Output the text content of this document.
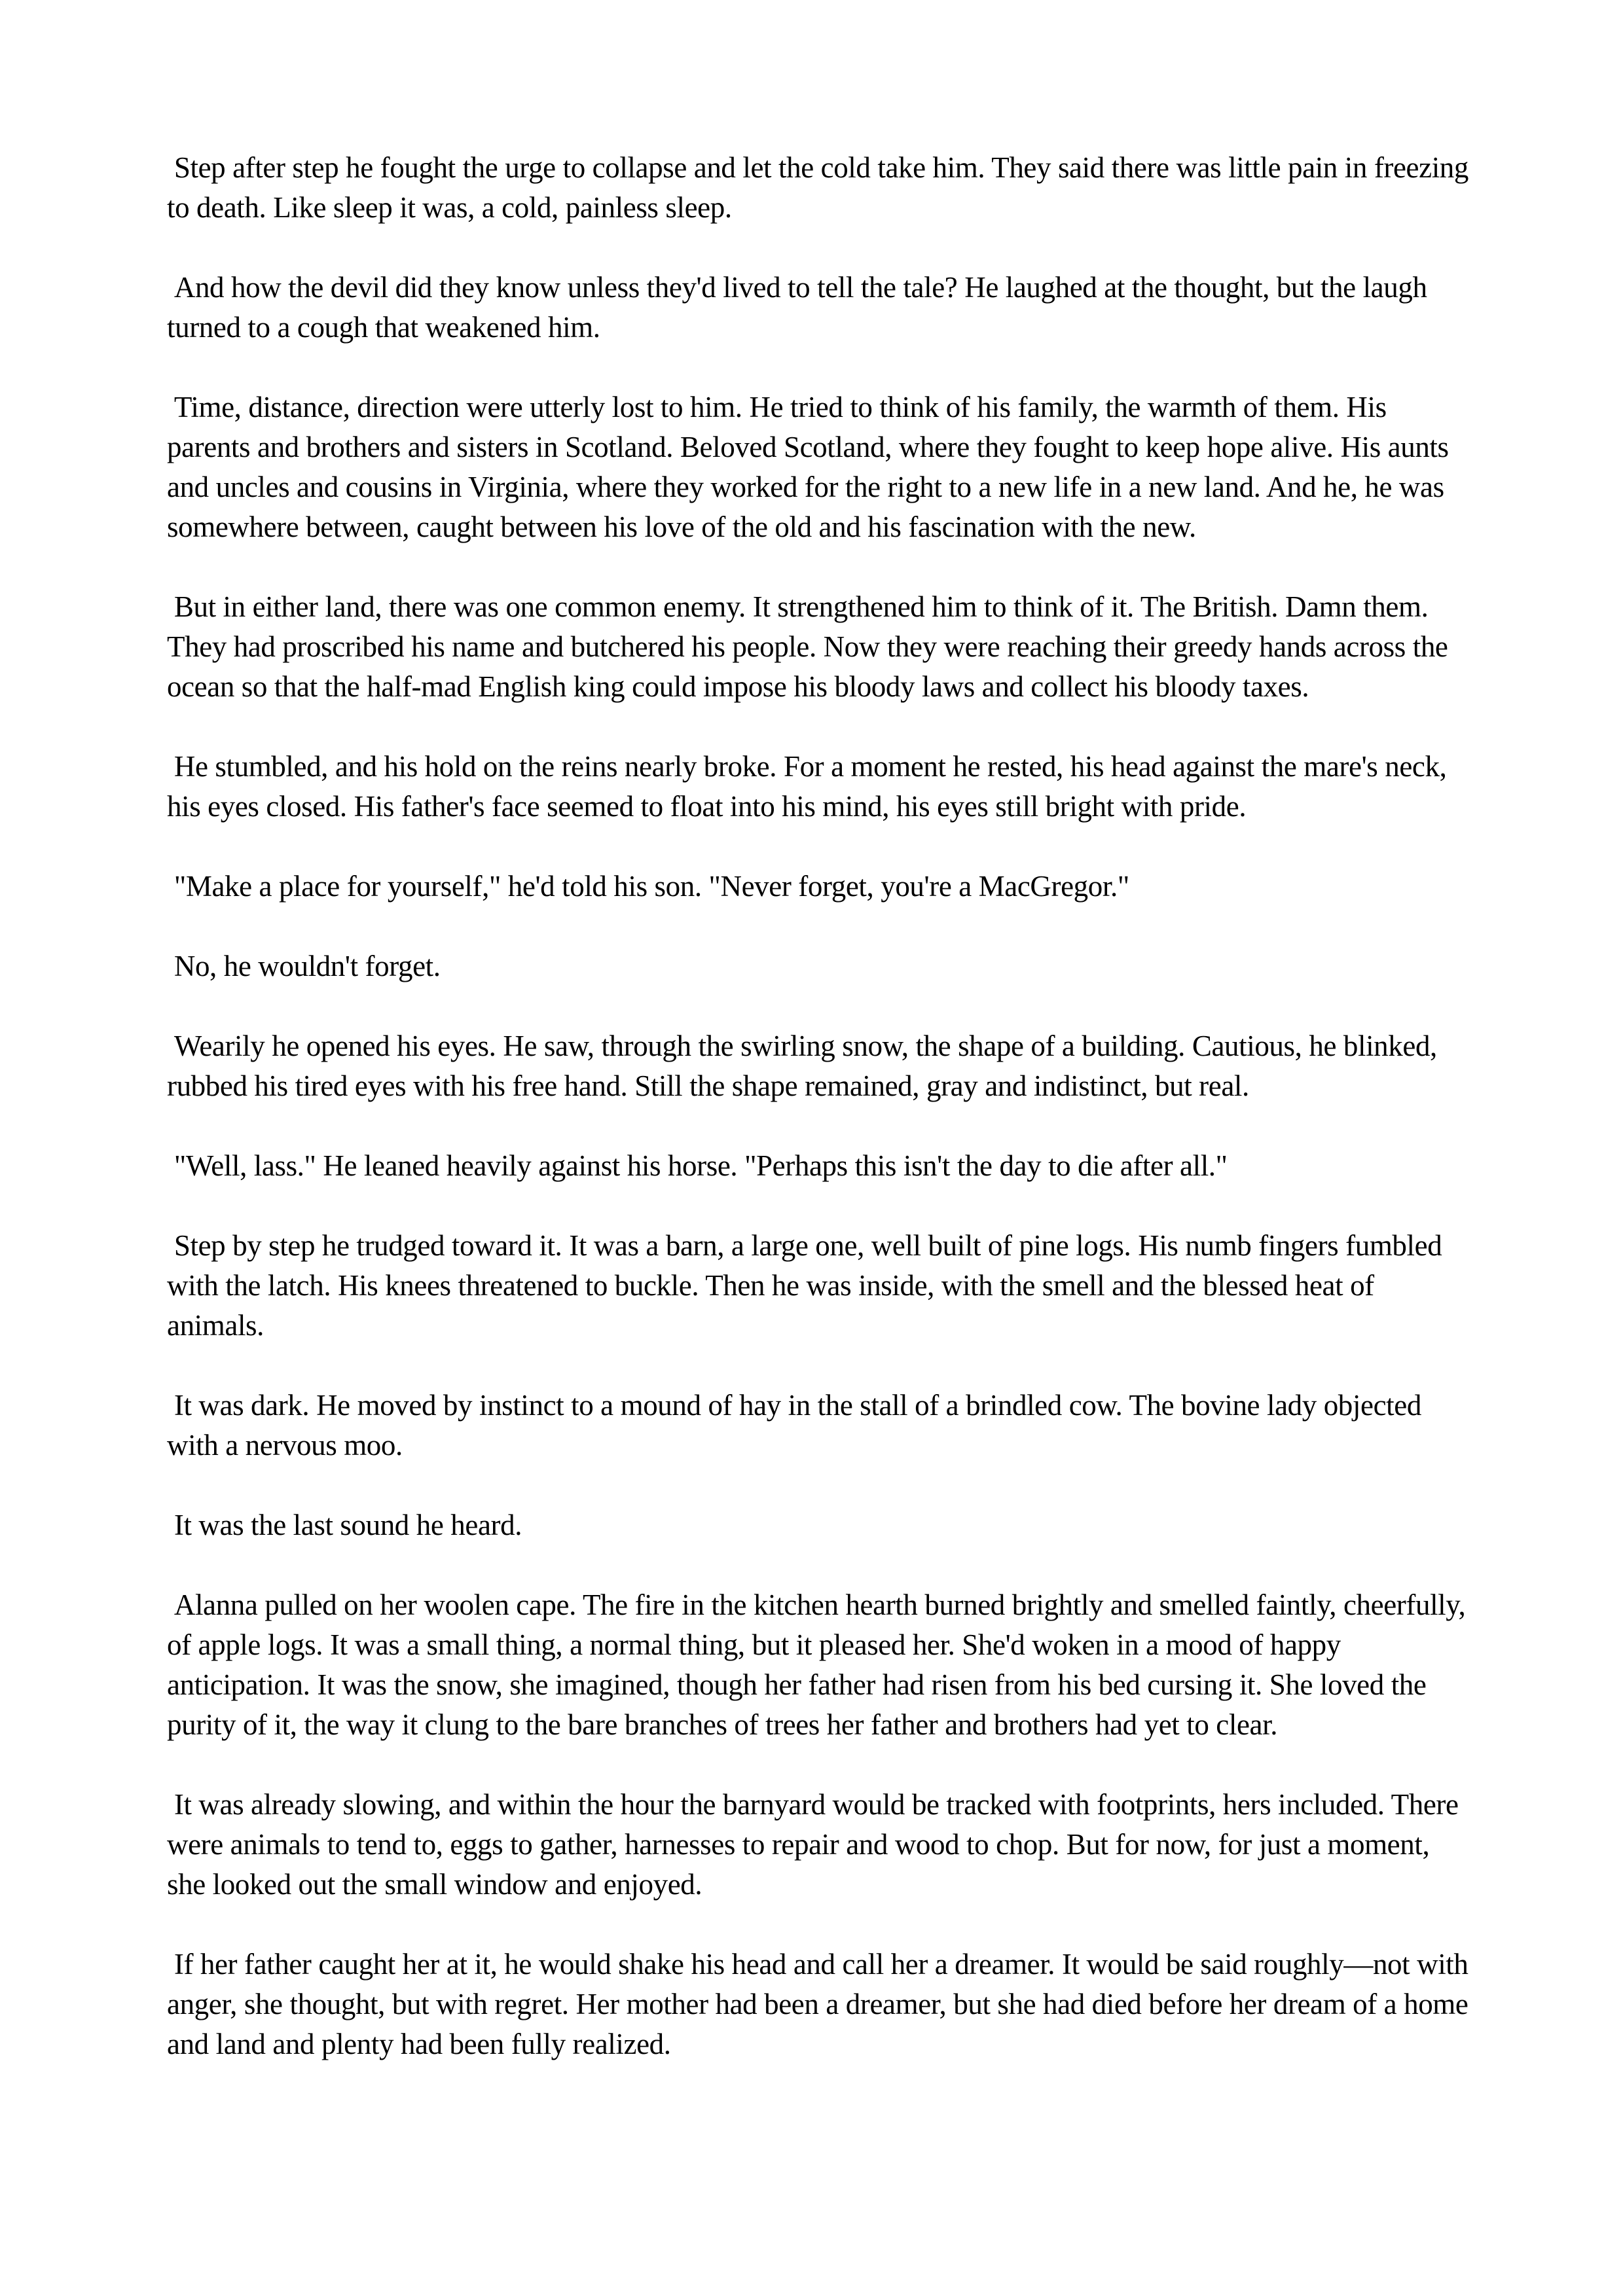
Step after step he fought the urge to collapse and let the cold take him. They said there was little pain in freezing to death. Like sleep it was, a cold, painless sleep.

And how the devil did they know unless they'd lived to tell the tale? He laughed at the thought, but the laugh turned to a cough that weakened him.

Time, distance, direction were utterly lost to him. He tried to think of his family, the warmth of them. His parents and brothers and sisters in Scotland. Beloved Scotland, where they fought to keep hope alive. His aunts and uncles and cousins in Virginia, where they worked for the right to a new life in a new land. And he, he was somewhere between, caught between his love of the old and his fascination with the new.

But in either land, there was one common enemy. It strengthened him to think of it. The British. Damn them. They had proscribed his name and butchered his people. Now they were reaching their greedy hands across the ocean so that the half-mad English king could impose his bloody laws and collect his bloody taxes.

He stumbled, and his hold on the reins nearly broke. For a moment he rested, his head against the mare's neck, his eyes closed. His father's face seemed to float into his mind, his eyes still bright with pride.

"Make a place for yourself," he'd told his son. "Never forget, you're a MacGregor."

No, he wouldn't forget.

Wearily he opened his eyes. He saw, through the swirling snow, the shape of a building. Cautious, he blinked, rubbed his tired eyes with his free hand. Still the shape remained, gray and indistinct, but real.

"Well, lass." He leaned heavily against his horse. "Perhaps this isn't the day to die after all."

Step by step he trudged toward it. It was a barn, a large one, well built of pine logs. His numb fingers fumbled with the latch. His knees threatened to buckle. Then he was inside, with the smell and the blessed heat of animals.

It was dark. He moved by instinct to a mound of hay in the stall of a brindled cow. The bovine lady objected with a nervous moo.

It was the last sound he heard.

Alanna pulled on her woolen cape. The fire in the kitchen hearth burned brightly and smelled faintly, cheerfully, of apple logs. It was a small thing, a normal thing, but it pleased her. She'd woken in a mood of happy anticipation. It was the snow, she imagined, though her father had risen from his bed cursing it. She loved the purity of it, the way it clung to the bare branches of trees her father and brothers had yet to clear.

It was already slowing, and within the hour the barnyard would be tracked with footprints, hers included. There were animals to tend to, eggs to gather, harnesses to repair and wood to chop. But for now, for just a moment, she looked out the small window and enjoyed.

If her father caught her at it, he would shake his head and call her a dreamer. It would be said roughly—not with anger, she thought, but with regret. Her mother had been a dreamer, but she had died before her dream of a home and land and plenty had been fully realized.
